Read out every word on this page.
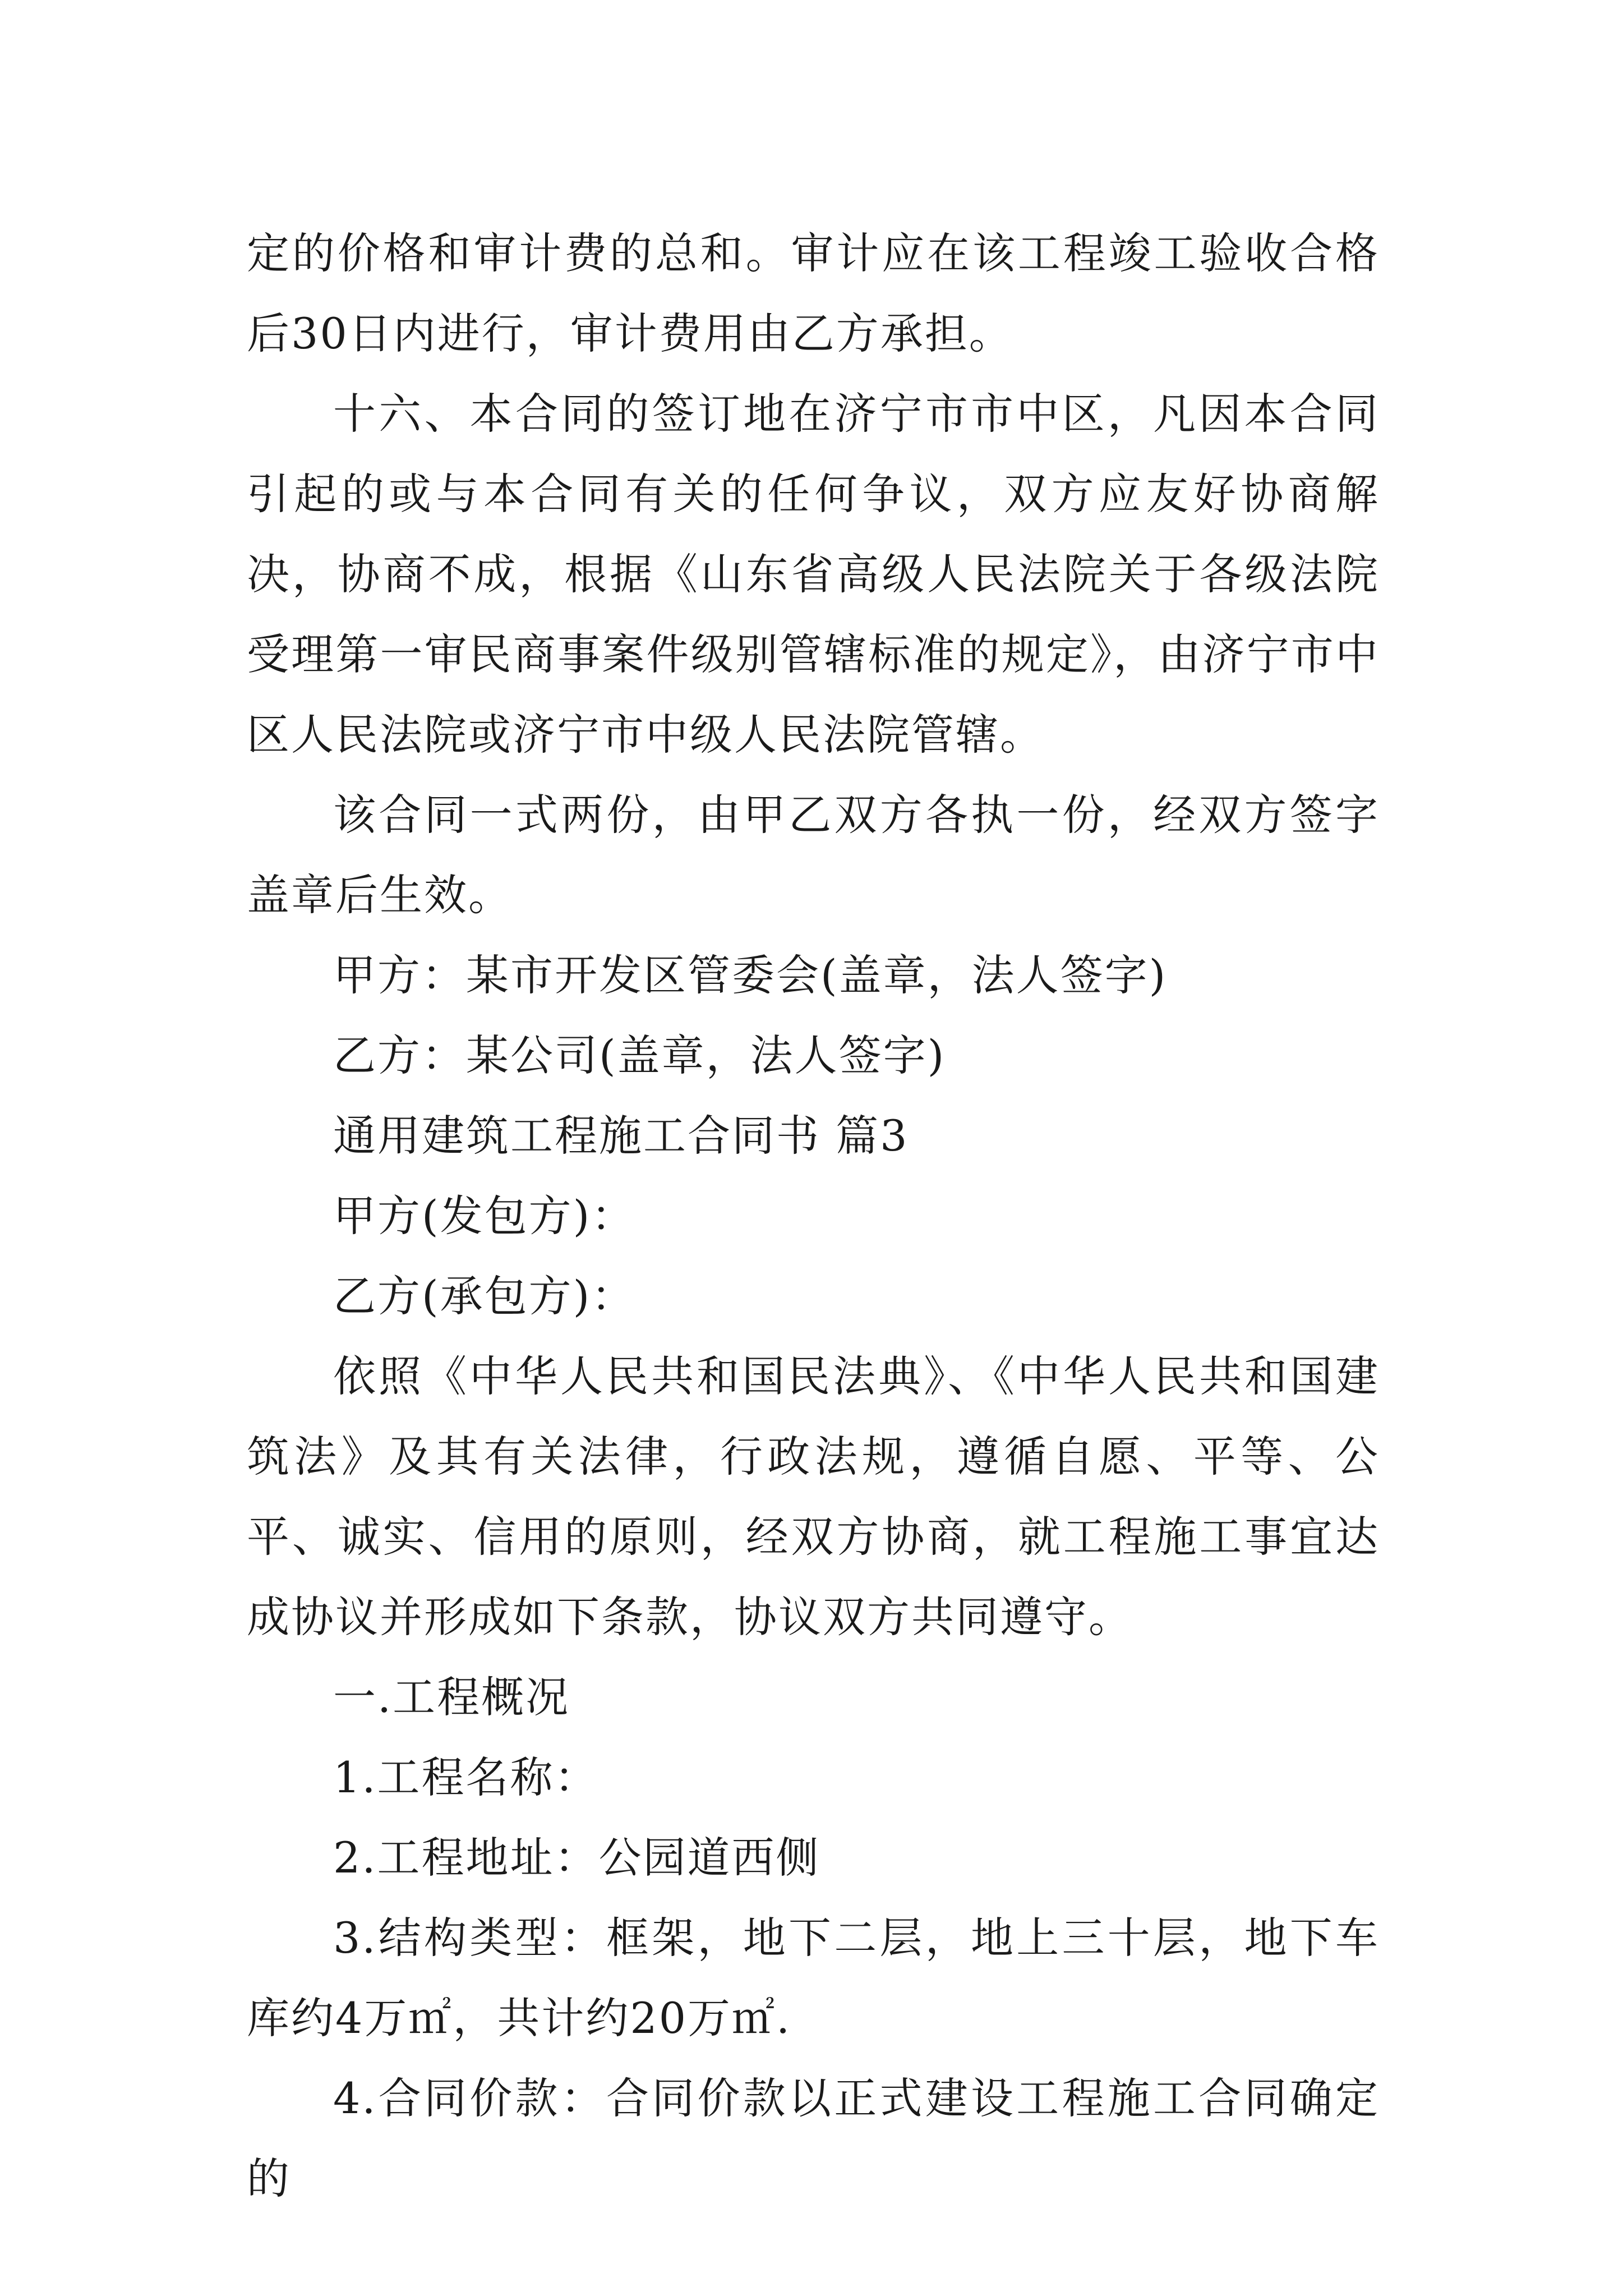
定的价格和审计费的总和。审计应在该工程竣工验收合格后30日内进行，审计费用由乙方承担。

十六、本合同的签订地在济宁市市中区，凡因本合同引起的或与本合同有关的任何争议，双方应友好协商解决，协商不成，根据《山东省高级人民法院关于各级法院受理第一审民商事案件级别管辖标准的规定》，由济宁市中区人民法院或济宁市中级人民法院管辖。

该合同一式两份，由甲乙双方各执一份，经双方签字盖章后生效。

甲方：某市开发区管委会(盖章，法人签字)

乙方：某公司(盖章，法人签字)

通用建筑工程施工合同书 篇3

甲方(发包方)：

乙方(承包方)：

依照《中华人民共和国民法典》、《中华人民共和国建筑法》及其有关法律，行政法规，遵循自愿、平等、公平、诚实、信用的原则，经双方协商，就工程施工事宜达成协议并形成如下条款，协议双方共同遵守。

一.工程概况

1.工程名称：

2.工程地址：公园道西侧

3.结构类型：框架，地下二层，地上三十层，地下车库约4万㎡，共计约20万㎡.

4.合同价款：合同价款以正式建设工程施工合同确定的
